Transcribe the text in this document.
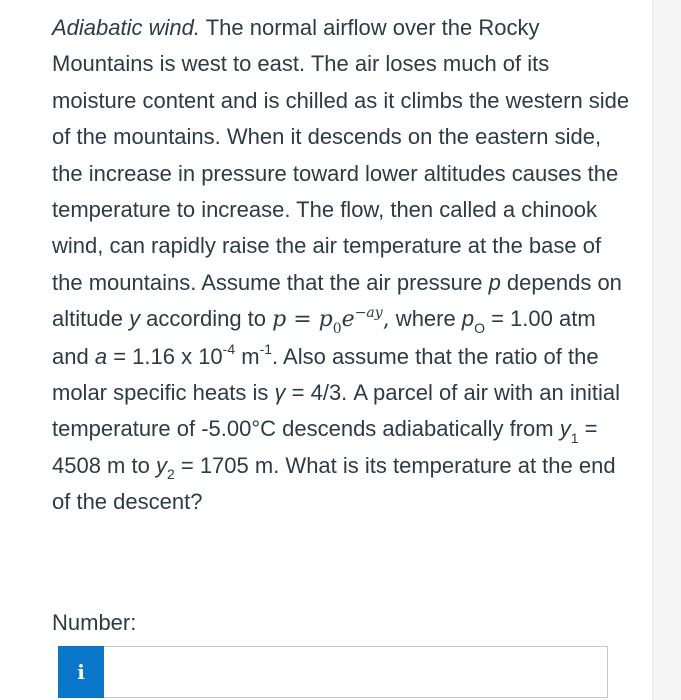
Adiabatic wind. The normal airflow over the Rocky Mountains is west to east. The air loses much of its moisture content and is chilled as it climbs the western side of the mountains. When it descends on the eastern side, the increase in pressure toward lower altitudes causes the temperature to increase. The flow, then called a chinook wind, can rapidly raise the air temperature at the base of the mountains. Assume that the air pressure p depends on altitude y according to $p = p_0e^{-ay}$, where $p_O = 1.00$ atm and a = 1.16 x $10^{-4}$ $m^{-1}$. Also assume that the ratio of the molar specific heats is γ = 4/3. A parcel of air with an initial temperature of -5.00°C descends adiabatically from $y_1 = 4508$ m to $y_2 = 1705$ m. What is its temperature at the end of the descent?
Number:
i
